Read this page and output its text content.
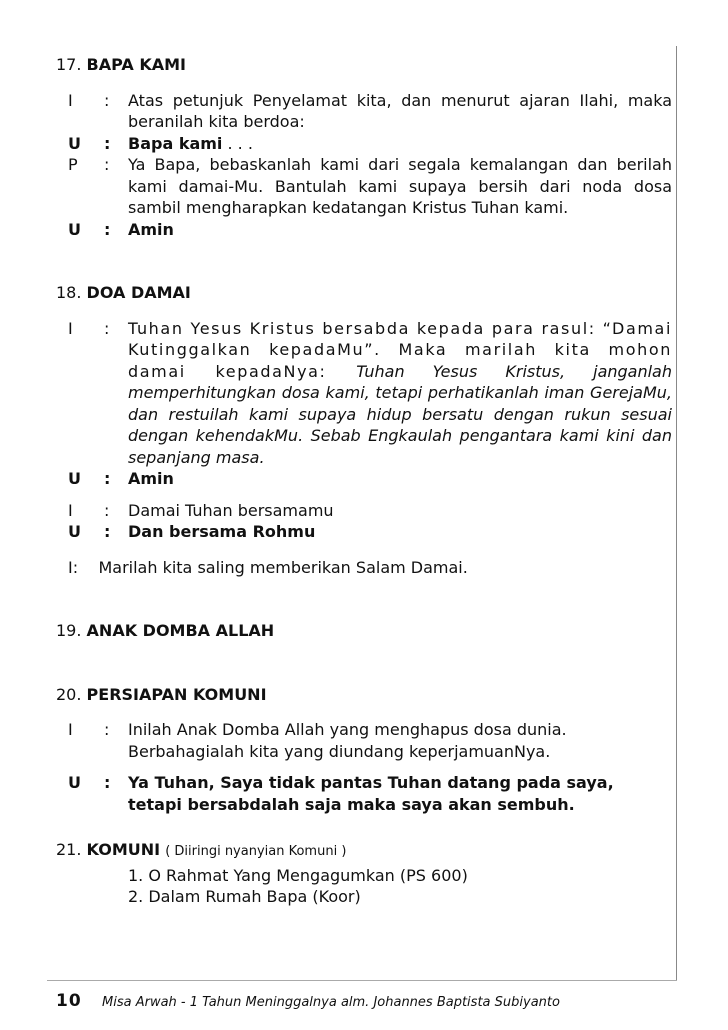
17. BAPA KAMI
I	:	Atas petunjuk Penyelamat kita, dan menurut ajaran Ilahi, maka beranilah kita berdoa:
U	:	Bapa kami . . .
P	:	Ya Bapa, bebaskanlah kami dari segala kemalangan dan berilah kami damai-Mu. Bantulah kami supaya bersih dari noda dosa sambil mengharapkan kedatangan Kristus Tuhan kami.
U	:	Amin
18. DOA DAMAI
I	:	Tuhan Yesus Kristus bersabda kepada para rasul: “Damai Kutinggalkan kepadaMu”. Maka marilah kita mohon damai kepadaNya: Tuhan Yesus Kristus, janganlah memperhitungkan dosa kami, tetapi perhatikanlah iman GerejaMu, dan restuilah kami supaya hidup bersatu dengan rukun sesuai dengan kehendakMu. Sebab Engkaulah pengantara kami kini dan sepanjang masa.
U	:	Amin
I	:	Damai Tuhan bersamamu
U	:	Dan bersama Rohmu
I: Marilah kita saling memberikan Salam Damai.
19. ANAK DOMBA ALLAH
20. PERSIAPAN KOMUNI
I	:	Inilah Anak Domba Allah yang menghapus dosa dunia. Berbahagialah kita yang diundang keperjamuanNya.
U	:	Ya Tuhan, Saya tidak pantas Tuhan datang pada saya, tetapi bersabdalah saja maka saya akan sembuh.
21. KOMUNI ( Diiringi nyanyian Komuni )
1. O Rahmat Yang Mengagumkan (PS 600)
2. Dalam Rumah Bapa (Koor)
10	Misa Arwah - 1 Tahun Meninggalnya alm. Johannes Baptista Subiyanto
